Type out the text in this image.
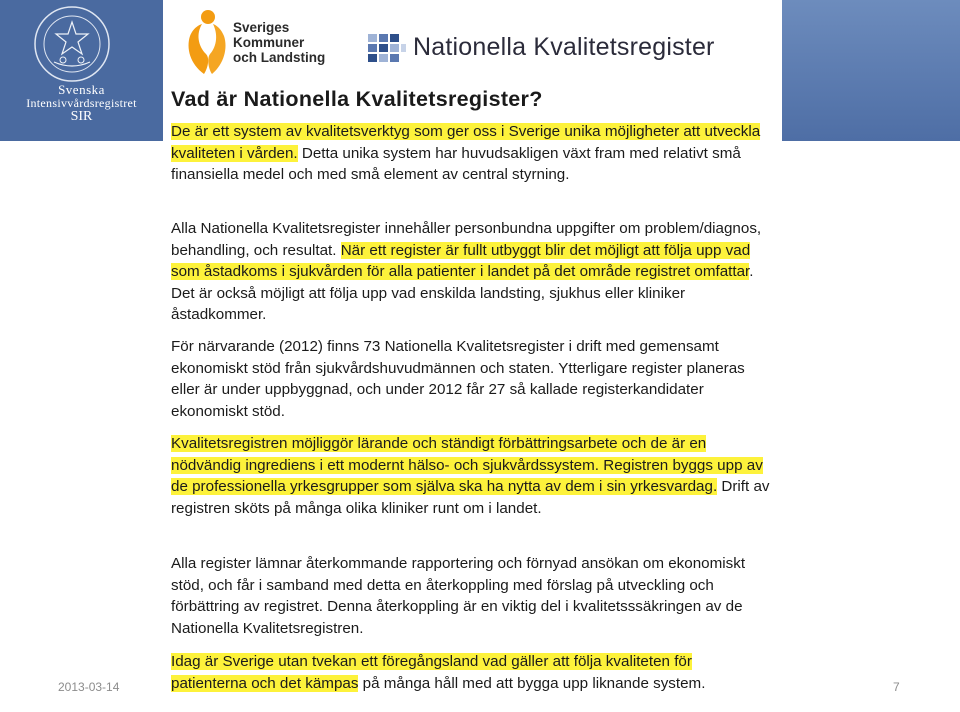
Svenska
Intensivvårdsregistret
SIR
Sveriges
Kommuner
och Landsting	Nationella Kvalitetsregister
Vad är Nationella Kvalitetsregister?

De är ett system av kvalitetsverktyg som ger oss i Sverige unika möjligheter att utveckla kvaliteten i vården. Detta unika system har huvudsakligen växt fram med relativt små finansiella medel och med små element av central styrning.

Alla Nationella Kvalitetsregister innehåller personbundna uppgifter om problem/diagnos, behandling, och resultat. När ett register är fullt utbyggt blir det möjligt att följa upp vad som åstadkoms i sjukvården för alla patienter i landet på det område registret omfattar. Det är också möjligt att följa upp vad enskilda landsting, sjukhus eller kliniker åstadkommer.

För närvarande (2012) finns 73 Nationella Kvalitetsregister i drift med gemensamt ekonomiskt stöd från sjukvårdshuvudmännen och staten. Ytterligare register planeras eller är under uppbyggnad, och under 2012 får 27 så kallade registerkandidater ekonomiskt stöd.

Kvalitetsregistren möjliggör lärande och ständigt förbättringsarbete och de är en nödvändig ingrediens i ett modernt hälso- och sjukvårdssystem. Registren byggs upp av de professionella yrkesgrupper som själva ska ha nytta av dem i sin yrkesvardag. Drift av registren sköts på många olika kliniker runt om i landet.

Alla register lämnar återkommande rapportering och förnyad ansökan om ekonomiskt stöd, och får i samband med detta en återkoppling med förslag på utveckling och förbättring av registret. Denna återkoppling är en viktig del i kvalitetsssäkringen av de Nationella Kvalitetsregistren.

Idag är Sverige utan tvekan ett föregångsland vad gäller att följa kvaliteten för patienterna och det kämpas på många håll med att bygga upp liknande system.

2013-03-14	7
